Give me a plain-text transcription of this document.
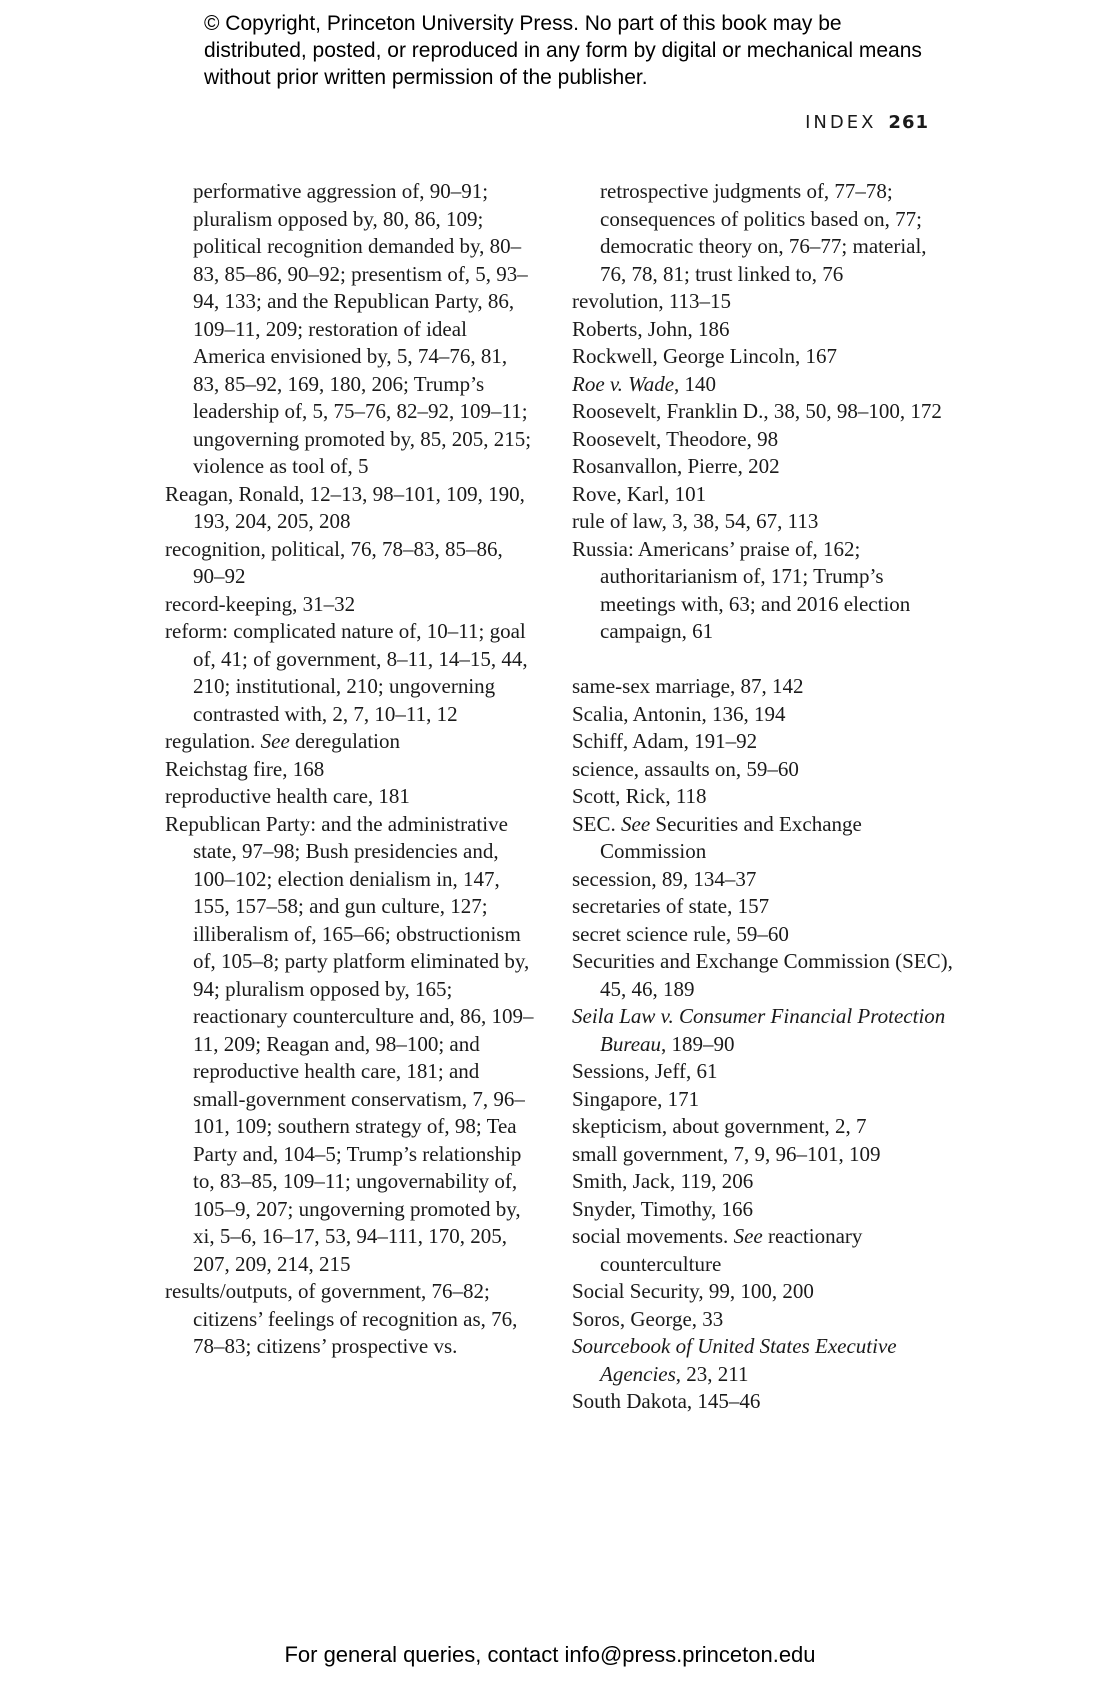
© Copyright, Princeton University Press. No part of this book may be distributed, posted, or reproduced in any form by digital or mechanical means without prior written permission of the publisher.
INDEX 261

performative aggression of, 90–91; pluralism opposed by, 80, 86, 109; political recognition demanded by, 80–83, 85–86, 90–92; presentism of, 5, 93–94, 133; and the Republican Party, 86, 109–11, 209; restoration of ideal America envisioned by, 5, 74–76, 81, 83, 85–92, 169, 180, 206; Trump’s leadership of, 5, 75–76, 82–92, 109–11; ungoverning promoted by, 85, 205, 215; violence as tool of, 5

Reagan, Ronald, 12–13, 98–101, 109, 190, 193, 204, 205, 208

recognition, political, 76, 78–83, 85–86, 90–92

record-keeping, 31–32

reform: complicated nature of, 10–11; goal of, 41; of government, 8–11, 14–15, 44, 210; institutional, 210; ungoverning contrasted with, 2, 7, 10–11, 12

regulation. See deregulation

Reichstag fire, 168

reproductive health care, 181

Republican Party: and the administrative state, 97–98; Bush presidencies and, 100–102; election denialism in, 147, 155, 157–58; and gun culture, 127; illiberalism of, 165–66; obstructionism of, 105–8; party platform eliminated by, 94; pluralism opposed by, 165; reactionary counterculture and, 86, 109–11, 209; Reagan and, 98–100; and reproductive health care, 181; and small-government conservatism, 7, 96–101, 109; southern strategy of, 98; Tea Party and, 104–5; Trump’s relationship to, 83–85, 109–11; ungovernability of, 105–9, 207; ungoverning promoted by, xi, 5–6, 16–17, 53, 94–111, 170, 205, 207, 209, 214, 215

results/outputs, of government, 76–82; citizens’ feelings of recognition as, 76, 78–83; citizens’ prospective vs.

retrospective judgments of, 77–78; consequences of politics based on, 77; democratic theory on, 76–77; material, 76, 78, 81; trust linked to, 76

revolution, 113–15

Roberts, John, 186

Rockwell, George Lincoln, 167

Roe v. Wade, 140

Roosevelt, Franklin D., 38, 50, 98–100, 172

Roosevelt, Theodore, 98

Rosanvallon, Pierre, 202

Rove, Karl, 101

rule of law, 3, 38, 54, 67, 113

Russia: Americans’ praise of, 162; authoritarianism of, 171; Trump’s meetings with, 63; and 2016 election campaign, 61

same-sex marriage, 87, 142

Scalia, Antonin, 136, 194

Schiff, Adam, 191–92

science, assaults on, 59–60

Scott, Rick, 118

SEC. See Securities and Exchange Commission

secession, 89, 134–37

secretaries of state, 157

secret science rule, 59–60

Securities and Exchange Commission (SEC), 45, 46, 189

Seila Law v. Consumer Financial Protection Bureau, 189–90

Sessions, Jeff, 61

Singapore, 171

skepticism, about government, 2, 7

small government, 7, 9, 96–101, 109

Smith, Jack, 119, 206

Snyder, Timothy, 166

social movements. See reactionary counterculture

Social Security, 99, 100, 200

Soros, George, 33

Sourcebook of United States Executive Agencies, 23, 211

South Dakota, 145–46

For general queries, contact info@press.princeton.edu
